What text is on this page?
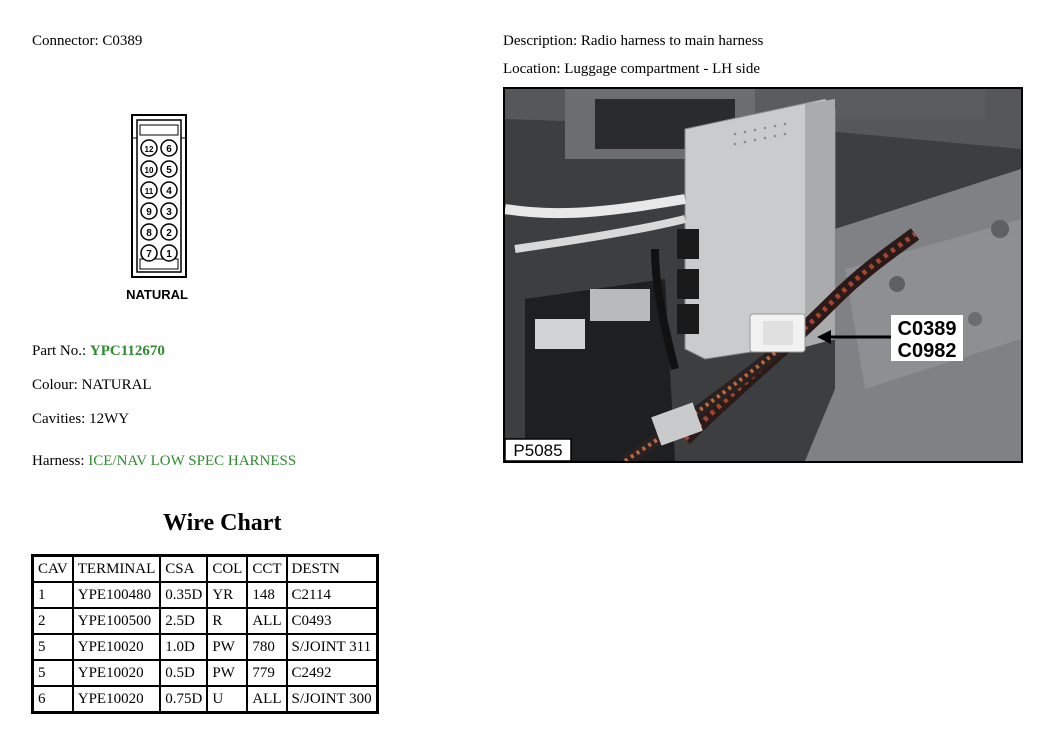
Connector: C0389	Description: Radio harness to main harness
Location: Luggage compartment - LH side
12 6
10 5
11 4
9 3
8 2
7 1
NATURAL
Part No.: YPC112670
Colour: NATURAL
Cavities: 12WY
Harness: ICE/NAV LOW SPEC HARNESS
C0389
C0982
P5085
Wire Chart
CAV	TERMINAL	CSA	COL	CCT	DESTN
1	YPE100480	0.35D	YR	148	C2114
2	YPE100500	2.5D	R	ALL	C0493
5	YPE10020	1.0D	PW	780	S/JOINT 311
5	YPE10020	0.5D	PW	779	C2492
6	YPE10020	0.75D	U	ALL	S/JOINT 300
